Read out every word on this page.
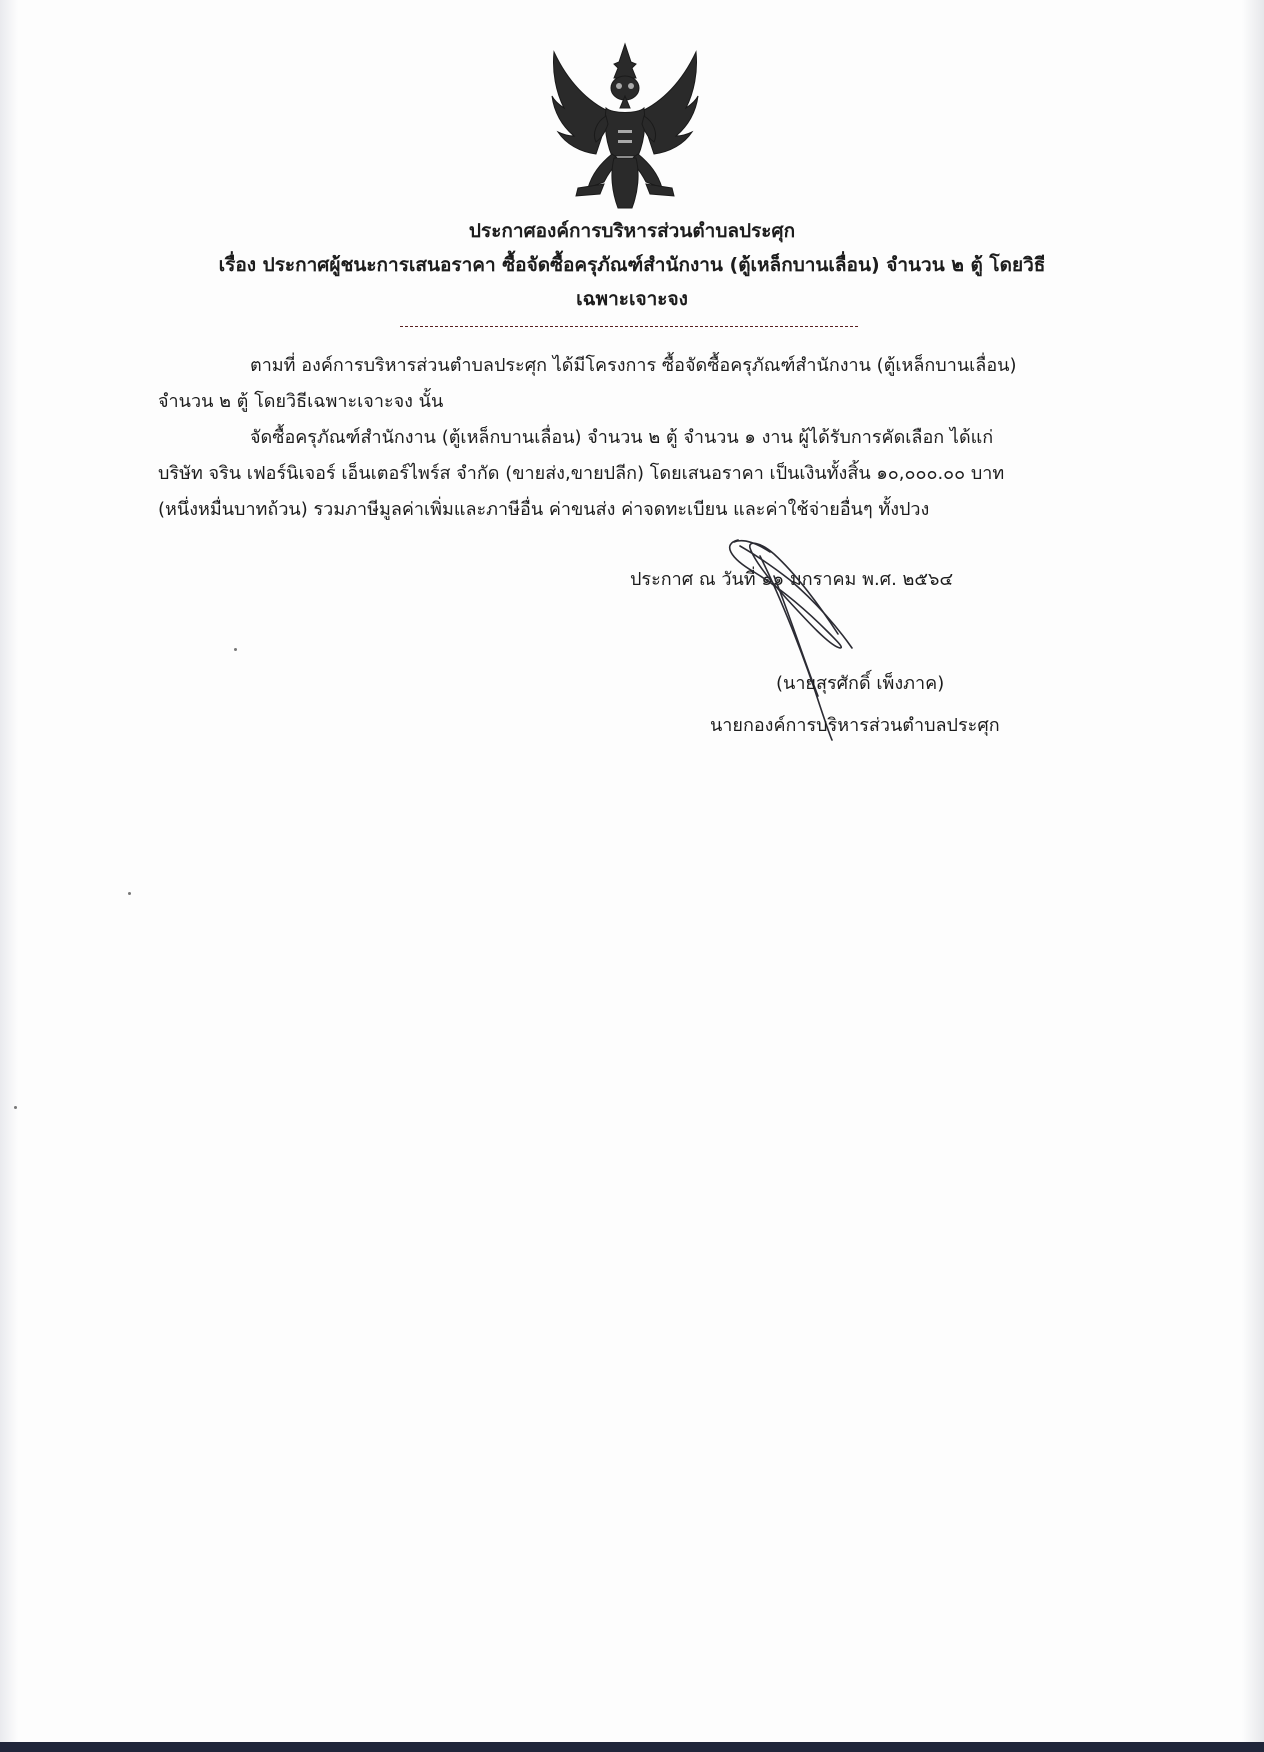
ประกาศองค์การบริหารส่วนตำบลประศุก
เรื่อง ประกาศผู้ชนะการเสนอราคา ซื้อจัดซื้อครุภัณฑ์สำนักงาน (ตู้เหล็กบานเลื่อน) จำนวน ๒ ตู้ โดยวิธี
เฉพาะเจาะจง
ตามที่ องค์การบริหารส่วนตำบลประศุก ได้มีโครงการ ซื้อจัดซื้อครุภัณฑ์สำนักงาน (ตู้เหล็กบานเลื่อน)
จำนวน ๒ ตู้ โดยวิธีเฉพาะเจาะจง นั้น
จัดซื้อครุภัณฑ์สำนักงาน (ตู้เหล็กบานเลื่อน) จำนวน ๒ ตู้ จำนวน ๑ งาน ผู้ได้รับการคัดเลือก ได้แก่
บริษัท จริน เฟอร์นิเจอร์ เอ็นเตอร์ไพร์ส จำกัด (ขายส่ง,ขายปลีก) โดยเสนอราคา เป็นเงินทั้งสิ้น ๑๐,๐๐๐.๐๐ บาท
(หนึ่งหมื่นบาทถ้วน) รวมภาษีมูลค่าเพิ่มและภาษีอื่น ค่าขนส่ง ค่าจดทะเบียน และค่าใช้จ่ายอื่นๆ ทั้งปวง
ประกาศ ณ วันที่ ๑๑ มกราคม พ.ศ. ๒๕๖๔
(นายสุรศักดิ์ เพ็งภาค)
นายกองค์การบริหารส่วนตำบลประศุก
